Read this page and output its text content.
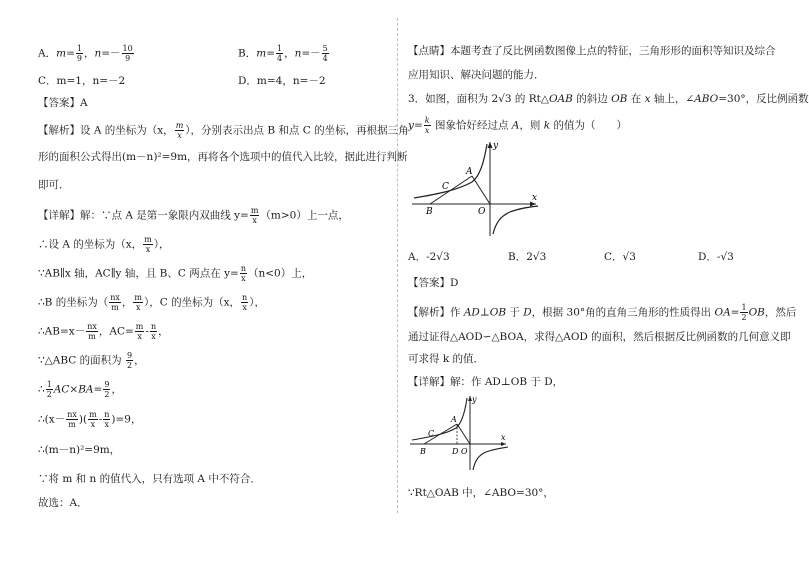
A．$m= \frac{1}{9}$ ，$n=- \frac{10}{9}$	B．$m= \frac{1}{4}$ ，$n=- \frac{5}{4}$
C．m=1，n=－2	D．m=4，n=－2
【答案】A
【解析】设 A 的坐标为（x， $\frac{m}{x}$ ），分别表示出点 B 和点 C 的坐标，再根据三角
形的面积公式得出(m－n)²=9m，再将各个选项中的值代入比较，据此进行判断
即可．
【详解】解：∵点 A 是第一象限内双曲线 $y= \frac{m}{x} (m>0)$上一点，
∴设 A 的坐标为（x， $\frac{m}{x}$ ），
∵AB∥x 轴，AC∥y 轴，且 B、C 两点在 $y= \frac{n}{x} (n<0)$上，
∴B 的坐标为（ $\frac{nx}{m}$ ， $\frac{m}{x}$ ），C 的坐标为（x， $\frac{n}{x}$ ），
∴AB=x－ $\frac{nx}{m}$ ，$AC= \frac{m}{x} - \frac{n}{x}$ ，
∵△ABC 的面积为 $\frac{9}{2}$ ，
∴ $\frac{1}{2} AC\times BA= \frac{9}{2}$ ，
∴(x－ $\frac{nx}{m}$ )( $\frac{m}{x} - \frac{n}{x} )=9$，
∴(m－n)²=9m，
∵将 m 和 n 的值代入，只有选项 A 中不符合．
故选：A．
【点睛】本题考查了反比例函数图像上点的特征，三角形形的面积等知识及综合
应用知识、解决问题的能力．
3．如图，面积为 2√3 的 Rt△OAB 的斜边 OB 在 x 轴上，∠ABO=30°，反比例函数
$y= \frac{k}{x}$ 图象恰好经过点 A，则 k 的值为（　　）
y
x
A
B
C
O
A．-2√3	B．2√3	C．√3	D．-√3
【答案】D
【解析】作 AD⊥OB 于 D，根据 30°角的直角三角形的性质得出 $OA= \frac{1}{2}$ OB，然后
通过证得△AOD∽△BOA，求得△AOD 的面积，然后根据反比例函数的几何意义即
可求得 k 的值．
【详解】解：作 AD⊥OB 于 D，
y
x
A
B
C
D O
∵Rt△OAB 中，∠ABO=30°，
